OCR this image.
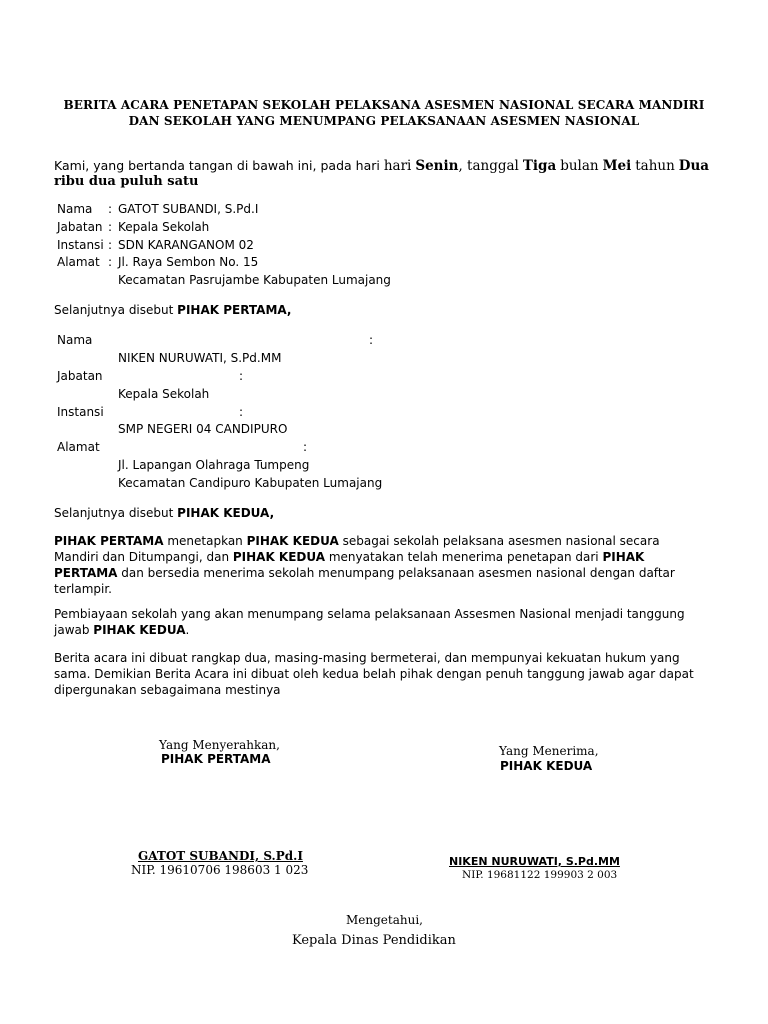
BERITA ACARA PENETAPAN SEKOLAH PELAKSANA ASESMEN NASIONAL SECARA MANDIRI
DAN SEKOLAH YANG MENUMPANG PELAKSANAAN ASESMEN NASIONAL
Kami, yang bertanda tangan di bawah ini, pada hari hari Senin, tanggal Tiga bulan Mei tahun Dua
ribu dua puluh satu
Nama : GATOT SUBANDI, S.Pd.I
Jabatan : Kepala Sekolah
Instansi : SDN KARANGANOM 02
Alamat : Jl. Raya Sembon No. 15
Kecamatan Pasrujambe Kabupaten Lumajang
Selanjutnya disebut PIHAK PERTAMA,
Nama	:
NIKEN NURUWATI, S.Pd.MM
Jabatan	:
Kepala Sekolah
Instansi	:
SMP NEGERI 04 CANDIPURO
Alamat	:
Jl. Lapangan Olahraga Tumpeng
Kecamatan Candipuro Kabupaten Lumajang
Selanjutnya disebut PIHAK KEDUA,
PIHAK PERTAMA menetapkan PIHAK KEDUA sebagai sekolah pelaksana asesmen nasional secara Mandiri dan Ditumpangi, dan PIHAK KEDUA menyatakan telah menerima penetapan dari PIHAK PERTAMA dan bersedia menerima sekolah menumpang pelaksanaan asesmen nasional dengan daftar terlampir.
Pembiayaan sekolah yang akan menumpang selama pelaksanaan Assesmen Nasional menjadi tanggung jawab PIHAK KEDUA.
Berita acara ini dibuat rangkap dua, masing-masing bermeterai, dan mempunyai kekuatan hukum yang sama. Demikian Berita Acara ini dibuat oleh kedua belah pihak dengan penuh tanggung jawab agar dapat dipergunakan sebagaimana mestinya
Yang Menyerahkan,
PIHAK PERTAMA
Yang Menerima,
PIHAK KEDUA
GATOT SUBANDI, S.Pd.I
NIP. 19610706 198603 1 023
NIKEN NURUWATI, S.Pd.MM
NIP. 19681122 199903 2 003
Mengetahui,
Kepala Dinas Pendidikan
